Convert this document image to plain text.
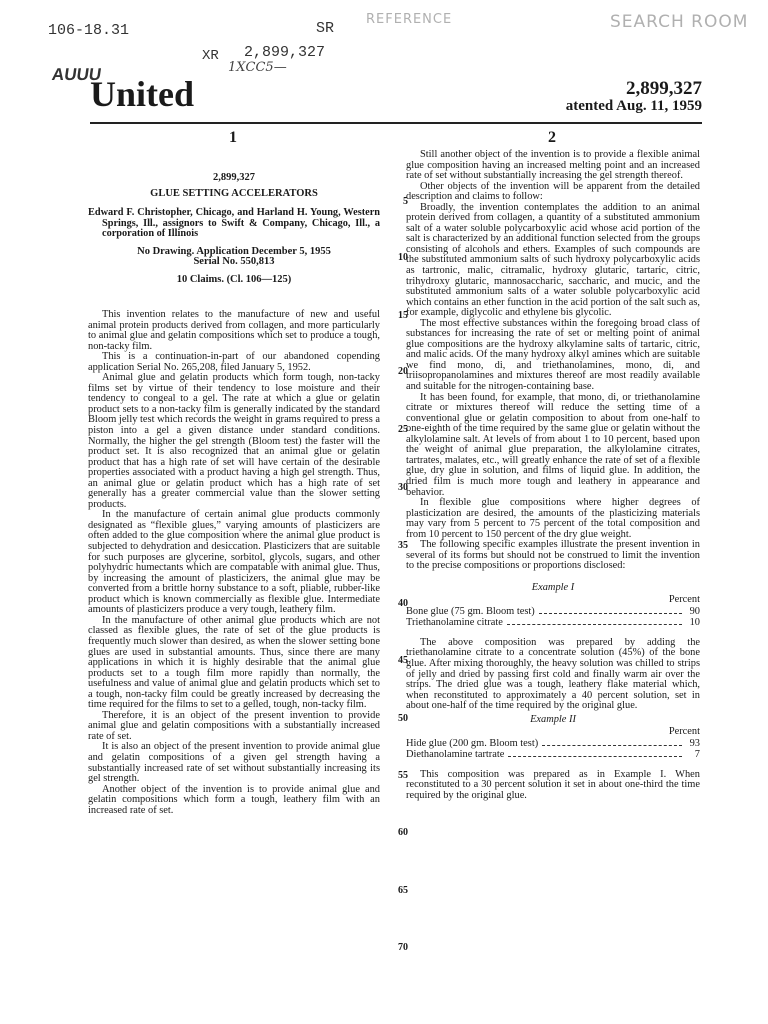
106-18.31	SR
REFERENCE	SEARCH ROOM
XR 2,899,327
1𝑋CC5—
AUUU
United	2,899,327
atented Aug. 11, 1959
1	2
2,899,327
GLUE SETTING ACCELERATORS
Edward F. Christopher, Chicago, and Harland H. Young, Western Springs, Ill., assignors to Swift & Company, Chicago, Ill., a corporation of Illinois
No Drawing. Application December 5, 1955
Serial No. 550,813
10 Claims. (Cl. 106—125)

This invention relates to the manufacture of new and useful animal protein products derived from collagen, and more particularly to animal glue and gelatin compositions which set to produce a tough, non-tacky film.

This is a continuation-in-part of our abandoned copending application Serial No. 265,208, filed January 5, 1952.

Animal glue and gelatin products which form tough, non-tacky films set by virtue of their tendency to lose moisture and their tendency to congeal to a gel. The rate at which a glue or gelatin product sets to a non-tacky film is generally indicated by the standard Bloom jelly test which records the weight in grams required to press a piston into a gel a given distance under standard conditions. Normally, the higher the gel strength (Bloom test) the faster will the product set. It is also recognized that an animal glue or gelatin product that has a high rate of set will have certain of the desirable properties associated with a product having a high gel strength. Thus, an animal glue or gelatin product which has a high rate of set generally has a greater commercial value than the slower setting products.

In the manufacture of certain animal glue products commonly designated as “flexible glues,” varying amounts of plasticizers are often added to the glue composition where the animal glue product is subjected to dehydration and desiccation. Plasticizers that are suitable for such purposes are glycerine, sorbitol, glycols, sugars, and other polyhydric humectants which are compatable with animal glue. Thus, by increasing the amount of plasticizers, the animal glue may be converted from a brittle horny substance to a soft, pliable, rubber-like product which is known commercially as flexible glue. Intermediate amounts of plasticizers produce a very tough, leathery film.

In the manufacture of other animal glue products which are not classed as flexible glues, the rate of set of the glue products is frequently much slower than desired, as when the slower setting bone glues are used in substantial amounts. Thus, since there are many applications in which it is highly desirable that the animal glue products set to a tough film more rapidly than normally, the usefulness and value of animal glue and gelatin products which set to a tough, non-tacky film could be greatly increased by decreasing the time required for the films to set to a gelled, tough, non-tacky film.

Therefore, it is an object of the present invention to provide animal glue and gelatin compositions with a substantially increased rate of set.

It is also an object of the present invention to provide animal glue and gelatin compositions of a given gel strength having a substantially increased rate of set without substantially increasing its gel strength.

Another object of the invention is to provide animal glue and gelatin compositions which form a tough, leathery film with an increased rate of set.

5
10
15
20
25
30
35
40
45
50
55
60
65
70

Still another object of the invention is to provide a flexible animal glue composition having an increased melting point and an increased rate of set without substantially increasing the gel strength thereof.

Other objects of the invention will be apparent from the detailed description and claims to follow:

Broadly, the invention contemplates the addition to an animal protein derived from collagen, a quantity of a substituted ammonium salt of a water soluble polycarboxylic acid whose acid portion of the salt is characterized by an additional function selected from the groups consisting of alcohols and ethers. Examples of such compounds are the substituted ammonium salts of such hydroxy polycarboxylic acids as tartronic, malic, citramalic, hydroxy glutaric, tartaric, citric, trihydroxy glutaric, mannosaccharic, saccharic, and mucic, and the substituted ammonium salts of a water soluble polycarboxylic acid which contains an ether function in the acid portion of the salt such as, for example, diglycolic and ethylene bis glycolic.

The most effective substances within the foregoing broad class of substances for increasing the rate of set or melting point of animal glue compositions are the hydroxy alkylamine salts of tartaric, citric, and malic acids. Of the many hydroxy alkyl amines which are suitable we find mono, di, and triethanolamines, mono, di, and triisopropanolamines and mixtures thereof are most readily available and suitable for the nitrogen-containing base.

It has been found, for example, that mono, di, or triethanolamine citrate or mixtures thereof will reduce the setting time of a conventional glue or gelatin composition to about from one-half to one-eighth of the time required by the same glue or gelatin without the alkylolamine salt. At levels of from about 1 to 10 percent, based upon the weight of animal glue preparation, the alkylolamine citrates, tartrates, malates, etc., will greatly enhance the rate of set of a flexible glue, dry glue in solution, and films of liquid glue. In addition, the dried film is much more tough and leathery in appearance and behavior.

In flexible glue compositions where higher degrees of plasticization are desired, the amounts of the plasticizing materials may vary from 5 percent to 75 percent of the total composition and from 10 percent to 150 percent of the dry glue weight.

The following specific examples illustrate the present invention in several of its forms but should not be construed to limit the invention to the precise compositions or proportions disclosed:

Example I
Percent
Bone glue (75 gm. Bloom test)	90
Triethanolamine citrate	10

The above composition was prepared by adding the triethanolamine citrate to a concentrate solution (45%) of the bone glue. After mixing thoroughly, the heavy solution was chilled to strips of jelly and dried by passing first cold and finally warm air over the strips. The dried glue was a tough, leathery flake material which, when reconstituted to approximately a 40 percent solution, set in about one-half of the time required by the original glue.

Example II
Percent
Hide glue (200 gm. Bloom test)	93
Diethanolamine tartrate	7

This composition was prepared as in Example I. When reconstituted to a 30 percent solution it set in about one-third the time required by the original glue.
